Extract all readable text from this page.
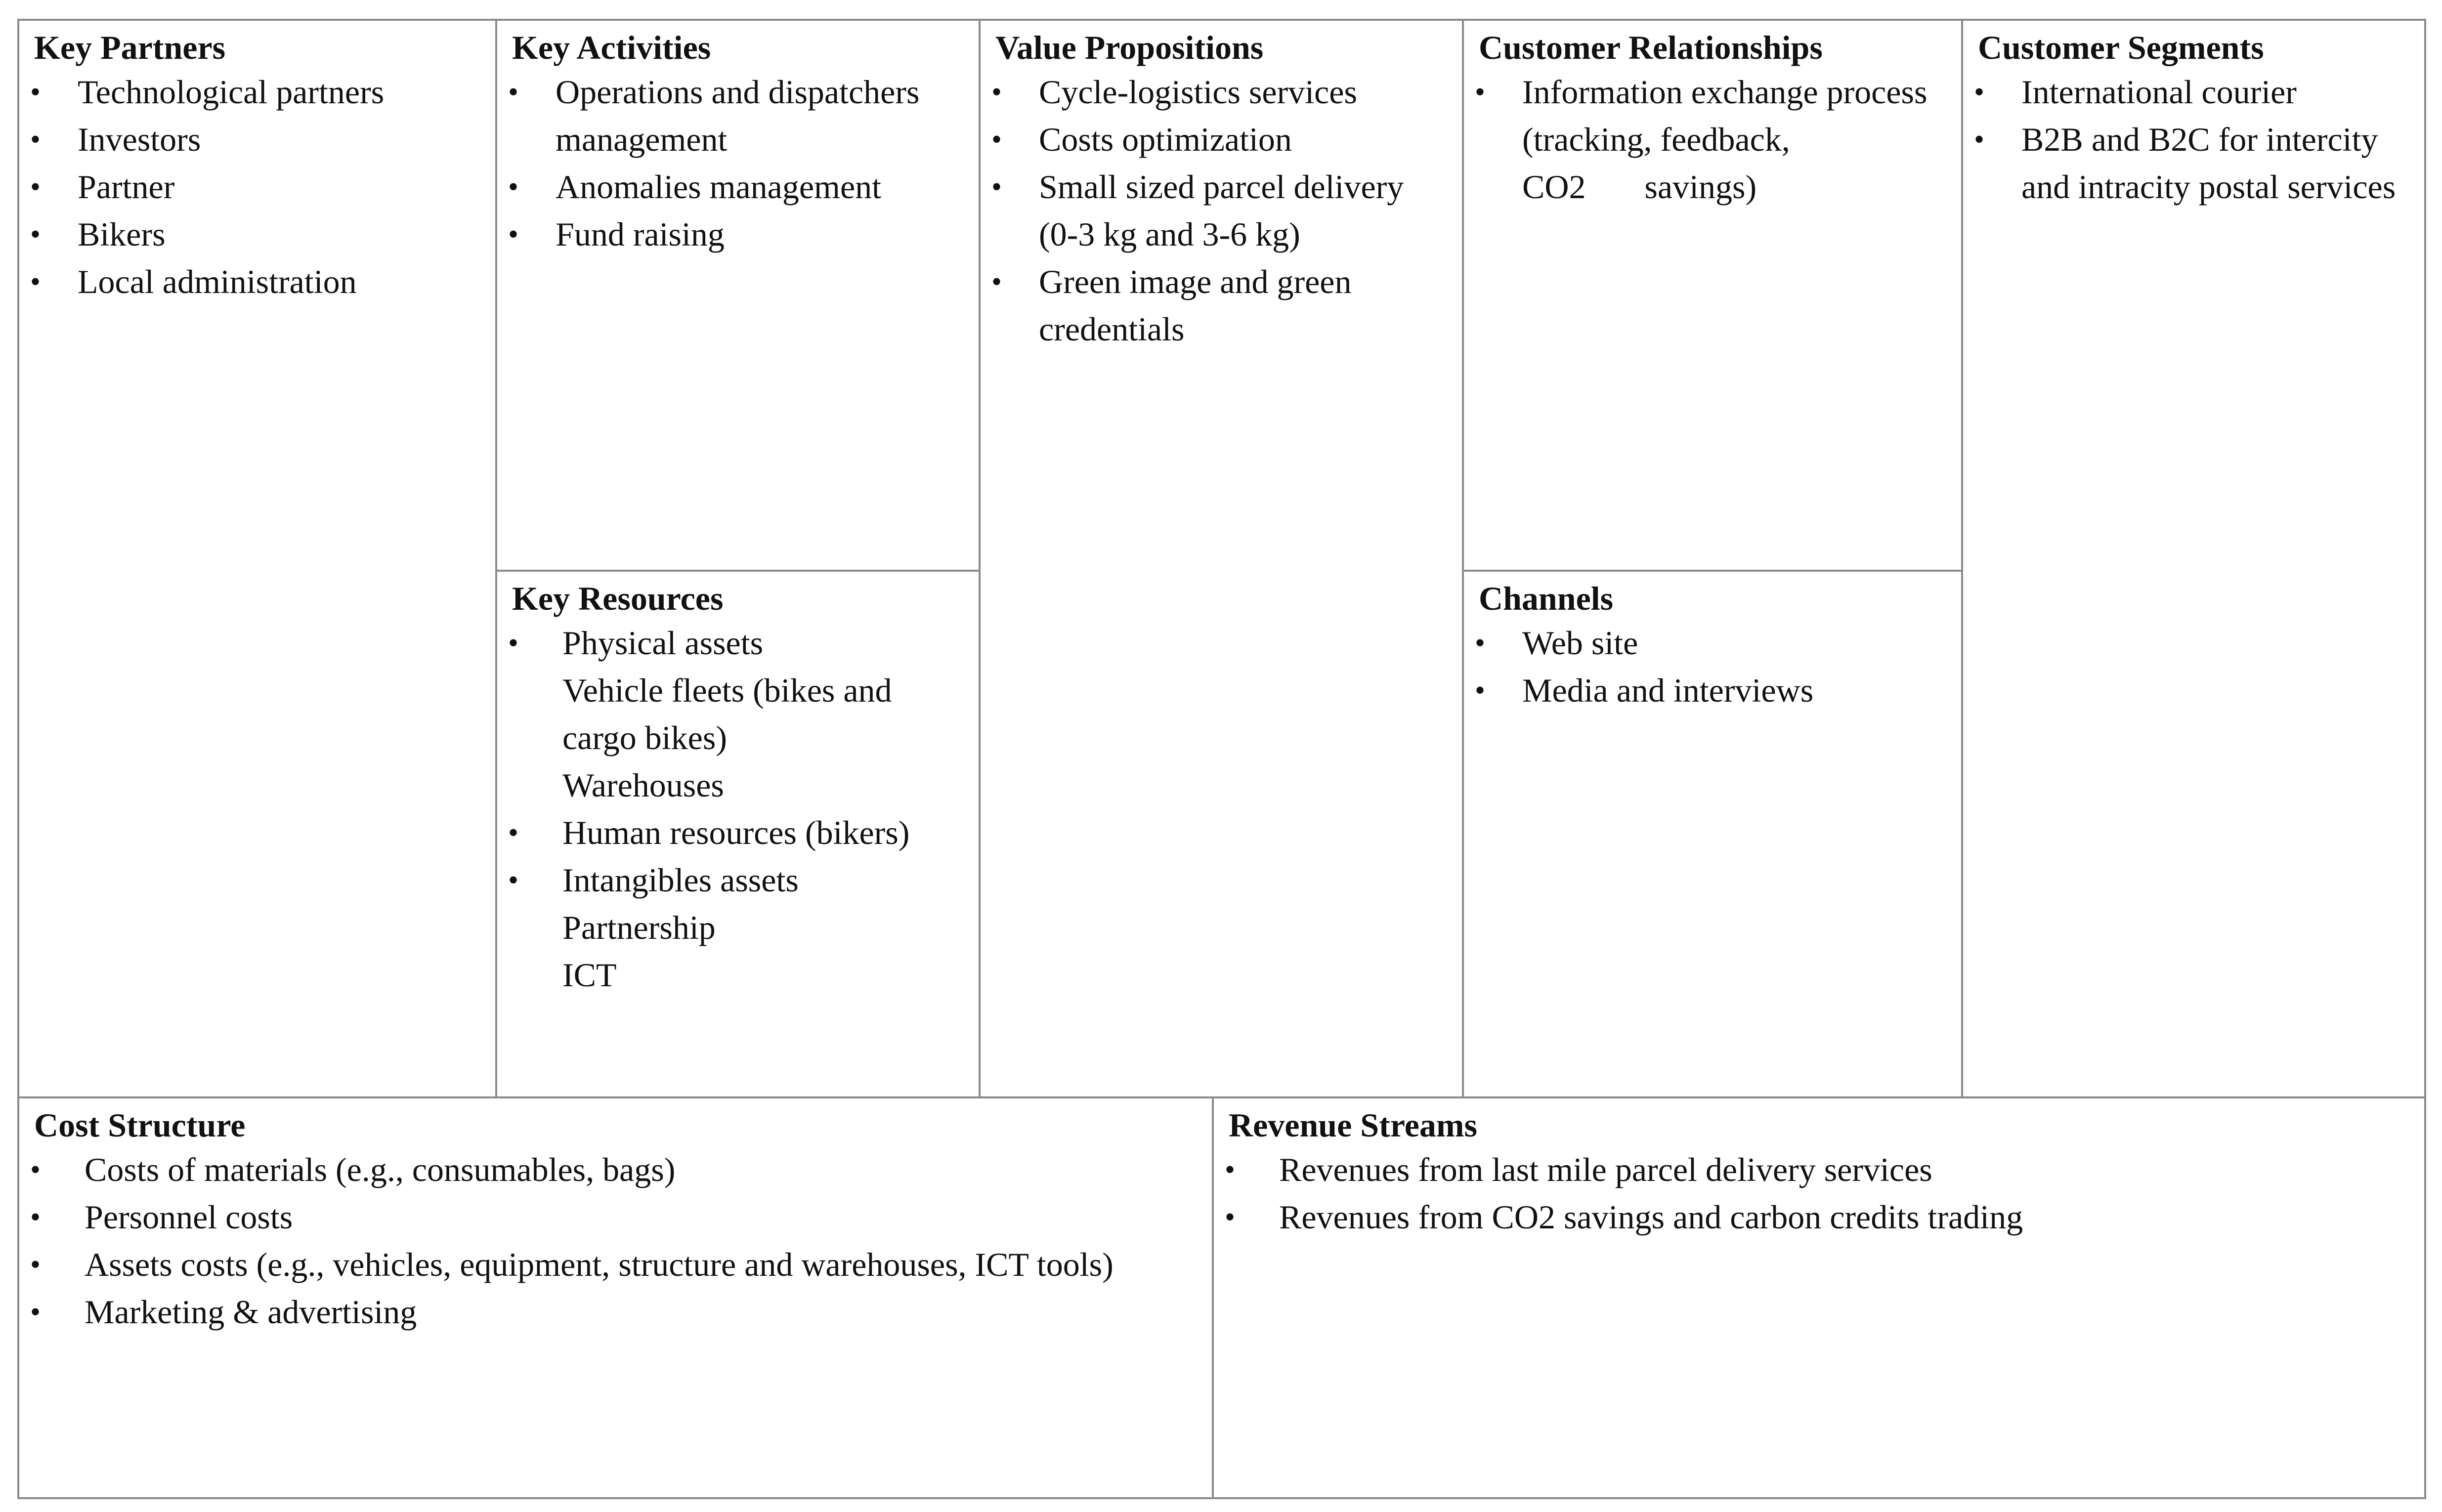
Key Partners
• Technological partners
• Investors
• Partner
• Bikers
• Local administration
Key Activities
• Operations and dispatchers management
• Anomalies management
• Fund raising
Key Resources
• Physical assets
Vehicle fleets (bikes and cargo bikes)
Warehouses
• Human resources (bikers)
• Intangibles assets
Partnership
ICT
Value Propositions
• Cycle-logistics services
• Costs optimization
• Small sized parcel delivery (0-3 kg and 3-6 kg)
• Green image and green credentials
Customer Relationships
• Information exchange process (tracking, feedback, CO2       savings)
Channels
• Web site
• Media and interviews
Customer Segments
• International courier
• B2B and B2C for intercity and intracity postal services
Cost Structure
• Costs of materials (e.g., consumables, bags)
• Personnel costs
• Assets costs (e.g., vehicles, equipment, structure and warehouses, ICT tools)
• Marketing & advertising
Revenue Streams
• Revenues from last mile parcel delivery services
• Revenues from CO2 savings and carbon credits trading
